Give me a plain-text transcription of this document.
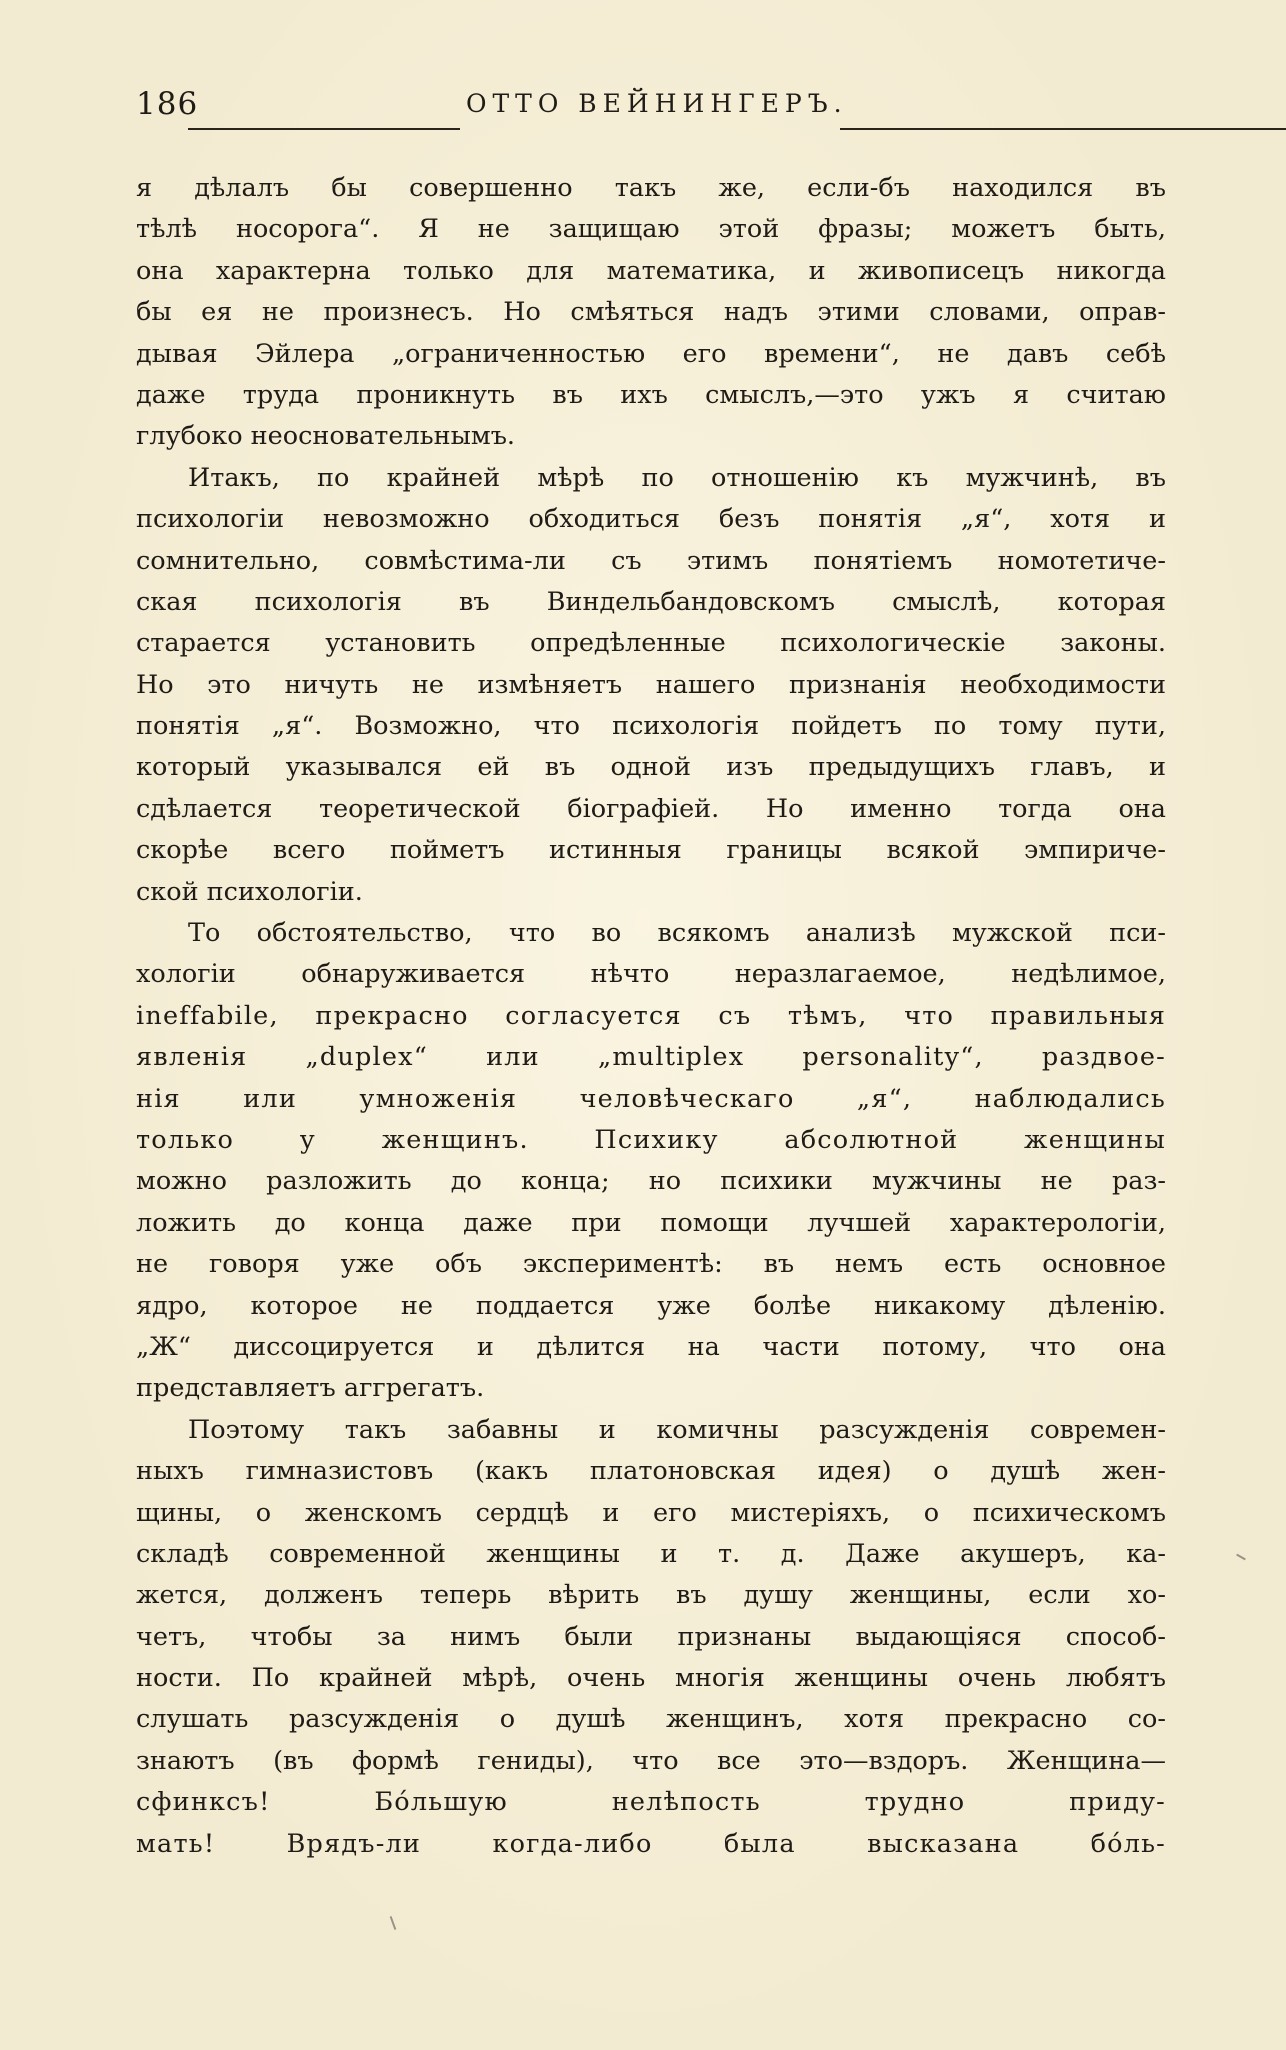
186	ОТТО ВЕЙНИНГЕРЪ.
я дѣлалъ бы совершенно такъ же, если-бъ находился въ
тѣлѣ носорога“. Я не защищаю этой фразы; можетъ быть,
она характерна только для математика, и живописецъ никогда
бы ея не произнесъ. Но смѣяться надъ этими словами, оправ-
дывая Эйлера „ограниченностью его времени“, не давъ себѣ
даже труда проникнуть въ ихъ смыслъ,—это ужъ я считаю
глубоко неосновательнымъ.
Итакъ, по крайней мѣрѣ по отношенію къ мужчинѣ, въ
психологіи невозможно обходиться безъ понятія „я“, хотя и
сомнительно, совмѣстима-ли съ этимъ понятіемъ номотетиче-
ская психологія въ Виндельбандовскомъ смыслѣ, которая
старается установить опредѣленные психологическіе законы.
Но это ничуть не измѣняетъ нашего признанія необходимости
понятія „я“. Возможно, что психологія пойдетъ по тому пути,
который указывался ей въ одной изъ предыдущихъ главъ, и
сдѣлается теоретической біографіей. Но именно тогда она
скорѣе всего пойметъ истинныя границы всякой эмпириче-
ской психологіи.
То обстоятельство, что во всякомъ анализѣ мужской пси-
хологіи обнаруживается нѣчто неразлагаемое, недѣлимое,
ineffabile, прекрасно согласуется съ тѣмъ, что правильныя
явленія „duplex“ или „multiplex personality“, раздвое-
нія или умноженія человѣческаго „я“, наблюдались
только у женщинъ. Психику абсолютной женщины
можно разложить до конца; но психики мужчины не раз-
ложить до конца даже при помощи лучшей характерологіи,
не говоря уже объ экспериментѣ: въ немъ есть основное
ядро, которое не поддается уже болѣе никакому дѣленію.
„Ж“ диссоцируется и дѣлится на части потому, что она
представляетъ аггрегатъ.
Поэтому такъ забавны и комичны разсужденія современ-
ныхъ гимназистовъ (какъ платоновская идея) о душѣ жен-
щины, о женскомъ сердцѣ и его мистеріяхъ, о психическомъ
складѣ современной женщины и т. д. Даже акушеръ, ка-
жется, долженъ теперь вѣрить въ душу женщины, если хо-
четъ, чтобы за нимъ были признаны выдающіяся способ-
ности. По крайней мѣрѣ, очень многія женщины очень любятъ
слушать разсужденія о душѣ женщинъ, хотя прекрасно со-
знаютъ (въ формѣ гениды), что все это—вздоръ. Женщина—
сфинксъ! Бо́льшую нелѣпость трудно приду-
мать! Врядъ-ли когда-либо была высказана бо́ль-
